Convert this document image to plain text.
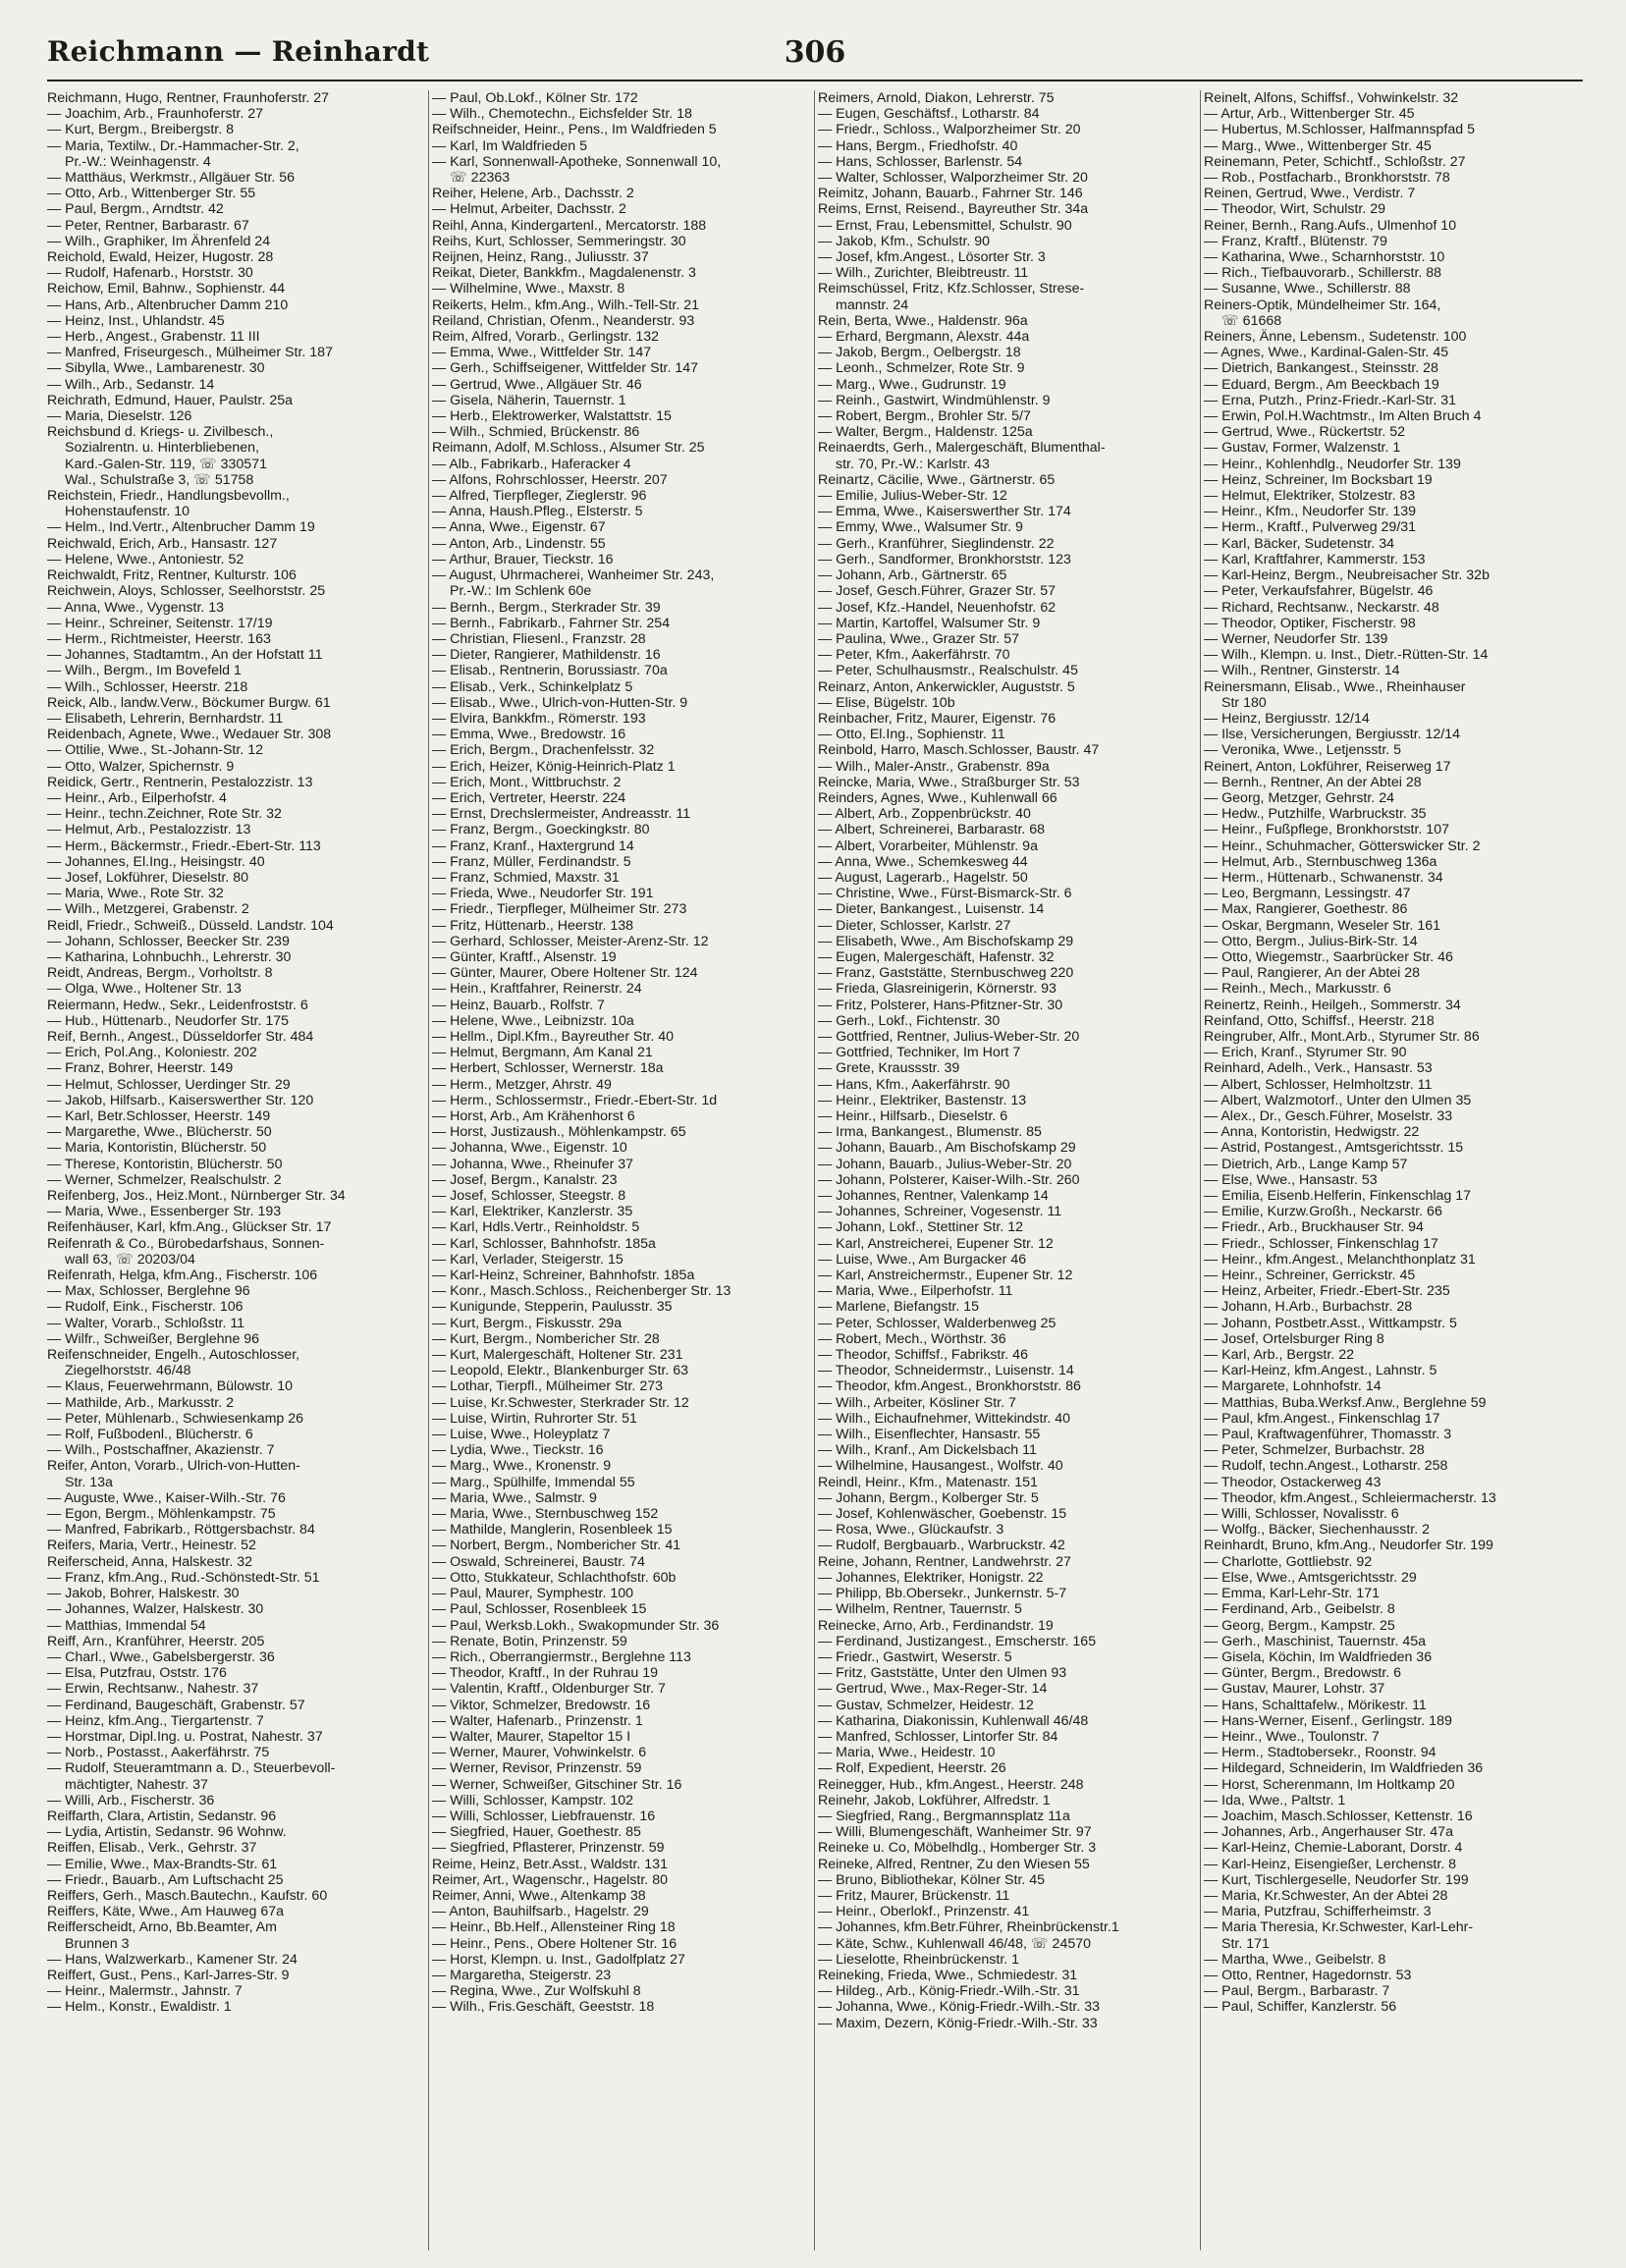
Reichmann — Reinhardt	306
Reichmann, Hugo, Rentner, Fraunhoferstr. 27
— Joachim, Arb., Fraunhoferstr. 27
— Kurt, Bergm., Breibergstr. 8
— Maria, Textilw., Dr.-Hammacher-Str. 2,
Pr.-W.: Weinhagenstr. 4
— Matthäus, Werkmstr., Allgäuer Str. 56
— Otto, Arb., Wittenberger Str. 55
— Paul, Bergm., Arndtstr. 42
— Peter, Rentner, Barbarastr. 67
— Wilh., Graphiker, Im Ährenfeld 24
Reichold, Ewald, Heizer, Hugostr. 28
— Rudolf, Hafenarb., Horststr. 30
Reichow, Emil, Bahnw., Sophienstr. 44
— Hans, Arb., Altenbrucher Damm 210
— Heinz, Inst., Uhlandstr. 45
— Herb., Angest., Grabenstr. 11 III
— Manfred, Friseurgesch., Mülheimer Str. 187
— Sibylla, Wwe., Lambarenestr. 30
— Wilh., Arb., Sedanstr. 14
Reichrath, Edmund, Hauer, Paulstr. 25a
— Maria, Dieselstr. 126
Reichsbund d. Kriegs- u. Zivilbesch.,
Sozialrentn. u. Hinterbliebenen,
Kard.-Galen-Str. 119, ☏ 330571
Wal., Schulstraße 3, ☏ 51758
Reichstein, Friedr., Handlungsbevollm.,
Hohenstaufenstr. 10
— Helm., Ind.Vertr., Altenbrucher Damm 19
Reichwald, Erich, Arb., Hansastr. 127
— Helene, Wwe., Antoniestr. 52
Reichwaldt, Fritz, Rentner, Kulturstr. 106
Reichwein, Aloys, Schlosser, Seelhorststr. 25
— Anna, Wwe., Vygenstr. 13
— Heinr., Schreiner, Seitenstr. 17/19
— Herm., Richtmeister, Heerstr. 163
— Johannes, Stadtamtm., An der Hofstatt 11
— Wilh., Bergm., Im Bovefeld 1
— Wilh., Schlosser, Heerstr. 218
Reick, Alb., landw.Verw., Böckumer Burgw. 61
— Elisabeth, Lehrerin, Bernhardstr. 11
Reidenbach, Agnete, Wwe., Wedauer Str. 308
— Ottilie, Wwe., St.-Johann-Str. 12
— Otto, Walzer, Spichernstr. 9
Reidick, Gertr., Rentnerin, Pestalozzistr. 13
— Heinr., Arb., Eilperhofstr. 4
— Heinr., techn.Zeichner, Rote Str. 32
— Helmut, Arb., Pestalozzistr. 13
— Herm., Bäckermstr., Friedr.-Ebert-Str. 113
— Johannes, El.Ing., Heisingstr. 40
— Josef, Lokführer, Dieselstr. 80
— Maria, Wwe., Rote Str. 32
— Wilh., Metzgerei, Grabenstr. 2
Reidl, Friedr., Schweiß., Düsseld. Landstr. 104
— Johann, Schlosser, Beecker Str. 239
— Katharina, Lohnbuchh., Lehrerstr. 30
Reidt, Andreas, Bergm., Vorholtstr. 8
— Olga, Wwe., Holtener Str. 13
Reiermann, Hedw., Sekr., Leidenfroststr. 6
— Hub., Hüttenarb., Neudorfer Str. 175
Reif, Bernh., Angest., Düsseldorfer Str. 484
— Erich, Pol.Ang., Koloniestr. 202
— Franz, Bohrer, Heerstr. 149
— Helmut, Schlosser, Uerdinger Str. 29
— Jakob, Hilfsarb., Kaiserswerther Str. 120
— Karl, Betr.Schlosser, Heerstr. 149
— Margarethe, Wwe., Blücherstr. 50
— Maria, Kontoristin, Blücherstr. 50
— Therese, Kontoristin, Blücherstr. 50
— Werner, Schmelzer, Realschulstr. 2
Reifenberg, Jos., Heiz.Mont., Nürnberger Str. 34
— Maria, Wwe., Essenberger Str. 193
Reifenhäuser, Karl, kfm.Ang., Glückser Str. 17
Reifenrath & Co., Bürobedarfshaus, Sonnen-
wall 63, ☏ 20203/04
Reifenrath, Helga, kfm.Ang., Fischerstr. 106
— Max, Schlosser, Berglehne 96
— Rudolf, Eink., Fischerstr. 106
— Walter, Vorarb., Schloßstr. 11
— Wilfr., Schweißer, Berglehne 96
Reifenschneider, Engelh., Autoschlosser,
Ziegelhorststr. 46/48
— Klaus, Feuerwehrmann, Bülowstr. 10
— Mathilde, Arb., Markusstr. 2
— Peter, Mühlenarb., Schwiesenkamp 26
— Rolf, Fußbodenl., Blücherstr. 6
— Wilh., Postschaffner, Akazienstr. 7
Reifer, Anton, Vorarb., Ulrich-von-Hutten-
Str. 13a
— Auguste, Wwe., Kaiser-Wilh.-Str. 76
— Egon, Bergm., Möhlenkampstr. 75
— Manfred, Fabrikarb., Röttgersbachstr. 84
Reifers, Maria, Vertr., Heinestr. 52
Reiferscheid, Anna, Halskestr. 32
— Franz, kfm.Ang., Rud.-Schönstedt-Str. 51
— Jakob, Bohrer, Halskestr. 30
— Johannes, Walzer, Halskestr. 30
— Matthias, Immendal 54
Reiff, Arn., Kranführer, Heerstr. 205
— Charl., Wwe., Gabelsbergerstr. 36
— Elsa, Putzfrau, Oststr. 176
— Erwin, Rechtsanw., Nahestr. 37
— Ferdinand, Baugeschäft, Grabenstr. 57
— Heinz, kfm.Ang., Tiergartenstr. 7
— Horstmar, Dipl.Ing. u. Postrat, Nahestr. 37
— Norb., Postasst., Aakerfährstr. 75
— Rudolf, Steueramtmann a. D., Steuerbevoll-
mächtigter, Nahestr. 37
— Willi, Arb., Fischerstr. 36
Reiffarth, Clara, Artistin, Sedanstr. 96
— Lydia, Artistin, Sedanstr. 96 Wohnw.
Reiffen, Elisab., Verk., Gehrstr. 37
— Emilie, Wwe., Max-Brandts-Str. 61
— Friedr., Bauarb., Am Luftschacht 25
Reiffers, Gerh., Masch.Bautechn., Kaufstr. 60
Reiffers, Käte, Wwe., Am Hauweg 67a
Reifferscheidt, Arno, Bb.Beamter, Am
Brunnen 3
— Hans, Walzwerkarb., Kamener Str. 24
Reiffert, Gust., Pens., Karl-Jarres-Str. 9
— Heinr., Malermstr., Jahnstr. 7
— Helm., Konstr., Ewaldistr. 1
— Paul, Ob.Lokf., Kölner Str. 172
— Wilh., Chemotechn., Eichsfelder Str. 18
Reifschneider, Heinr., Pens., Im Waldfrieden 5
— Karl, Im Waldfrieden 5
— Karl, Sonnenwall-Apotheke, Sonnenwall 10,
☏ 22363
Reiher, Helene, Arb., Dachsstr. 2
— Helmut, Arbeiter, Dachsstr. 2
Reihl, Anna, Kindergartenl., Mercatorstr. 188
Reihs, Kurt, Schlosser, Semmeringstr. 30
Reijnen, Heinz, Rang., Juliusstr. 37
Reikat, Dieter, Bankkfm., Magdalenenstr. 3
— Wilhelmine, Wwe., Maxstr. 8
Reikerts, Helm., kfm.Ang., Wilh.-Tell-Str. 21
Reiland, Christian, Ofenm., Neanderstr. 93
Reim, Alfred, Vorarb., Gerlingstr. 132
— Emma, Wwe., Wittfelder Str. 147
— Gerh., Schiffseigener, Wittfelder Str. 147
— Gertrud, Wwe., Allgäuer Str. 46
— Gisela, Näherin, Tauernstr. 1
— Herb., Elektrowerker, Walstattstr. 15
— Wilh., Schmied, Brückenstr. 86
Reimann, Adolf, M.Schloss., Alsumer Str. 25
— Alb., Fabrikarb., Haferacker 4
— Alfons, Rohrschlosser, Heerstr. 207
— Alfred, Tierpfleger, Zieglerstr. 96
— Anna, Haush.Pfleg., Elsterstr. 5
— Anna, Wwe., Eigenstr. 67
— Anton, Arb., Lindenstr. 55
— Arthur, Brauer, Tieckstr. 16
— August, Uhrmacherei, Wanheimer Str. 243,
Pr.-W.: Im Schlenk 60e
— Bernh., Bergm., Sterkrader Str. 39
— Bernh., Fabrikarb., Fahrner Str. 254
— Christian, Fliesenl., Franzstr. 28
— Dieter, Rangierer, Mathildenstr. 16
— Elisab., Rentnerin, Borussiastr. 70a
— Elisab., Verk., Schinkelplatz 5
— Elisab., Wwe., Ulrich-von-Hutten-Str. 9
— Elvira, Bankkfm., Römerstr. 193
— Emma, Wwe., Bredowstr. 16
— Erich, Bergm., Drachenfelsstr. 32
— Erich, Heizer, König-Heinrich-Platz 1
— Erich, Mont., Wittbruchstr. 2
— Erich, Vertreter, Heerstr. 224
— Ernst, Drechslermeister, Andreasstr. 11
— Franz, Bergm., Goeckingkstr. 80
— Franz, Kranf., Haxtergrund 14
— Franz, Müller, Ferdinandstr. 5
— Franz, Schmied, Maxstr. 31
— Frieda, Wwe., Neudorfer Str. 191
— Friedr., Tierpfleger, Mülheimer Str. 273
— Fritz, Hüttenarb., Heerstr. 138
— Gerhard, Schlosser, Meister-Arenz-Str. 12
— Günter, Kraftf., Alsenstr. 19
— Günter, Maurer, Obere Holtener Str. 124
— Hein., Kraftfahrer, Reinerstr. 24
— Heinz, Bauarb., Rolfstr. 7
— Helene, Wwe., Leibnizstr. 10a
— Hellm., Dipl.Kfm., Bayreuther Str. 40
— Helmut, Bergmann, Am Kanal 21
— Herbert, Schlosser, Wernerstr. 18a
— Herm., Metzger, Ahrstr. 49
— Herm., Schlossermstr., Friedr.-Ebert-Str. 1d
— Horst, Arb., Am Krähenhorst 6
— Horst, Justizaush., Möhlenkampstr. 65
— Johanna, Wwe., Eigenstr. 10
— Johanna, Wwe., Rheinufer 37
— Josef, Bergm., Kanalstr. 23
— Josef, Schlosser, Steegstr. 8
— Karl, Elektriker, Kanzlerstr. 35
— Karl, Hdls.Vertr., Reinholdstr. 5
— Karl, Schlosser, Bahnhofstr. 185a
— Karl, Verlader, Steigerstr. 15
— Karl-Heinz, Schreiner, Bahnhofstr. 185a
— Konr., Masch.Schloss., Reichenberger Str. 13
— Kunigunde, Stepperin, Paulusstr. 35
— Kurt, Bergm., Fiskusstr. 29a
— Kurt, Bergm., Nombericher Str. 28
— Kurt, Malergeschäft, Holtener Str. 231
— Leopold, Elektr., Blankenburger Str. 63
— Lothar, Tierpfl., Mülheimer Str. 273
— Luise, Kr.Schwester, Sterkrader Str. 12
— Luise, Wirtin, Ruhrorter Str. 51
— Luise, Wwe., Holeyplatz 7
— Lydia, Wwe., Tieckstr. 16
— Marg., Wwe., Kronenstr. 9
— Marg., Spülhilfe, Immendal 55
— Maria, Wwe., Salmstr. 9
— Maria, Wwe., Sternbuschweg 152
— Mathilde, Manglerin, Rosenbleek 15
— Norbert, Bergm., Nombericher Str. 41
— Oswald, Schreinerei, Baustr. 74
— Otto, Stukkateur, Schlachthofstr. 60b
— Paul, Maurer, Symphestr. 100
— Paul, Schlosser, Rosenbleek 15
— Paul, Werksb.Lokh., Swakopmunder Str. 36
— Renate, Botin, Prinzenstr. 59
— Rich., Oberrangiermstr., Berglehne 113
— Theodor, Kraftf., In der Ruhrau 19
— Valentin, Kraftf., Oldenburger Str. 7
— Viktor, Schmelzer, Bredowstr. 16
— Walter, Hafenarb., Prinzenstr. 1
— Walter, Maurer, Stapeltor 15 I
— Werner, Maurer, Vohwinkelstr. 6
— Werner, Revisor, Prinzenstr. 59
— Werner, Schweißer, Gitschiner Str. 16
— Willi, Schlosser, Kampstr. 102
— Willi, Schlosser, Liebfrauenstr. 16
— Siegfried, Hauer, Goethestr. 85
— Siegfried, Pflasterer, Prinzenstr. 59
Reime, Heinz, Betr.Asst., Waldstr. 131
Reimer, Art., Wagenschr., Hagelstr. 80
Reimer, Anni, Wwe., Altenkamp 38
— Anton, Bauhilfsarb., Hagelstr. 29
— Heinr., Bb.Helf., Allensteiner Ring 18
— Heinr., Pens., Obere Holtener Str. 16
— Horst, Klempn. u. Inst., Gadolfplatz 27
— Margaretha, Steigerstr. 23
— Regina, Wwe., Zur Wolfskuhl 8
— Wilh., Fris.Geschäft, Geeststr. 18
Reimers, Arnold, Diakon, Lehrerstr. 75
— Eugen, Geschäftsf., Lotharstr. 84
— Friedr., Schloss., Walporzheimer Str. 20
— Hans, Bergm., Friedhofstr. 40
— Hans, Schlosser, Barlenstr. 54
— Walter, Schlosser, Walporzheimer Str. 20
Reimitz, Johann, Bauarb., Fahrner Str. 146
Reims, Ernst, Reisend., Bayreuther Str. 34a
— Ernst, Frau, Lebensmittel, Schulstr. 90
— Jakob, Kfm., Schulstr. 90
— Josef, kfm.Angest., Lösorter Str. 3
— Wilh., Zurichter, Bleibtreustr. 11
Reimschüssel, Fritz, Kfz.Schlosser, Strese-
mannstr. 24
Rein, Berta, Wwe., Haldenstr. 96a
— Erhard, Bergmann, Alexstr. 44a
— Jakob, Bergm., Oelbergstr. 18
— Leonh., Schmelzer, Rote Str. 9
— Marg., Wwe., Gudrunstr. 19
— Reinh., Gastwirt, Windmühlenstr. 9
— Robert, Bergm., Brohler Str. 5/7
— Walter, Bergm., Haldenstr. 125a
Reinaerdts, Gerh., Malergeschäft, Blumenthal-
str. 70, Pr.-W.: Karlstr. 43
Reinartz, Cäcilie, Wwe., Gärtnerstr. 65
— Emilie, Julius-Weber-Str. 12
— Emma, Wwe., Kaiserswerther Str. 174
— Emmy, Wwe., Walsumer Str. 9
— Gerh., Kranführer, Sieglindenstr. 22
— Gerh., Sandformer, Bronkhorststr. 123
— Johann, Arb., Gärtnerstr. 65
— Josef, Gesch.Führer, Grazer Str. 57
— Josef, Kfz.-Handel, Neuenhofstr. 62
— Martin, Kartoffel, Walsumer Str. 9
— Paulina, Wwe., Grazer Str. 57
— Peter, Kfm., Aakerfährstr. 70
— Peter, Schulhausmstr., Realschulstr. 45
Reinarz, Anton, Ankerwickler, Auguststr. 5
— Elise, Bügelstr. 10b
Reinbacher, Fritz, Maurer, Eigenstr. 76
— Otto, El.Ing., Sophienstr. 11
Reinbold, Harro, Masch.Schlosser, Baustr. 47
— Wilh., Maler-Anstr., Grabenstr. 89a
Reincke, Maria, Wwe., Straßburger Str. 53
Reinders, Agnes, Wwe., Kuhlenwall 66
— Albert, Arb., Zoppenbrückstr. 40
— Albert, Schreinerei, Barbarastr. 68
— Albert, Vorarbeiter, Mühlenstr. 9a
— Anna, Wwe., Schemkesweg 44
— August, Lagerarb., Hagelstr. 50
— Christine, Wwe., Fürst-Bismarck-Str. 6
— Dieter, Bankangest., Luisenstr. 14
— Dieter, Schlosser, Karlstr. 27
— Elisabeth, Wwe., Am Bischofskamp 29
— Eugen, Malergeschäft, Hafenstr. 32
— Franz, Gaststätte, Sternbuschweg 220
— Frieda, Glasreinigerin, Körnerstr. 93
— Fritz, Polsterer, Hans-Pfitzner-Str. 30
— Gerh., Lokf., Fichtenstr. 30
— Gottfried, Rentner, Julius-Weber-Str. 20
— Gottfried, Techniker, Im Hort 7
— Grete, Kraussstr. 39
— Hans, Kfm., Aakerfährstr. 90
— Heinr., Elektriker, Bastenstr. 13
— Heinr., Hilfsarb., Dieselstr. 6
— Irma, Bankangest., Blumenstr. 85
— Johann, Bauarb., Am Bischofskamp 29
— Johann, Bauarb., Julius-Weber-Str. 20
— Johann, Polsterer, Kaiser-Wilh.-Str. 260
— Johannes, Rentner, Valenkamp 14
— Johannes, Schreiner, Vogesenstr. 11
— Johann, Lokf., Stettiner Str. 12
— Karl, Anstreicherei, Eupener Str. 12
— Luise, Wwe., Am Burgacker 46
— Karl, Anstreichermstr., Eupener Str. 12
— Maria, Wwe., Eilperhofstr. 11
— Marlene, Biefangstr. 15
— Peter, Schlosser, Walderbenweg 25
— Robert, Mech., Wörthstr. 36
— Theodor, Schiffsf., Fabrikstr. 46
— Theodor, Schneidermstr., Luisenstr. 14
— Theodor, kfm.Angest., Bronkhorststr. 86
— Wilh., Arbeiter, Kösliner Str. 7
— Wilh., Eichaufnehmer, Wittekindstr. 40
— Wilh., Eisenflechter, Hansastr. 55
— Wilh., Kranf., Am Dickelsbach 11
— Wilhelmine, Hausangest., Wolfstr. 40
Reindl, Heinr., Kfm., Matenastr. 151
— Johann, Bergm., Kolberger Str. 5
— Josef, Kohlenwäscher, Goebenstr. 15
— Rosa, Wwe., Glückaufstr. 3
— Rudolf, Bergbauarb., Warbruckstr. 42
Reine, Johann, Rentner, Landwehrstr. 27
— Johannes, Elektriker, Honigstr. 22
— Philipp, Bb.Obersekr., Junkernstr. 5-7
— Wilhelm, Rentner, Tauernstr. 5
Reinecke, Arno, Arb., Ferdinandstr. 19
— Ferdinand, Justizangest., Emscherstr. 165
— Friedr., Gastwirt, Weserstr. 5
— Fritz, Gaststätte, Unter den Ulmen 93
— Gertrud, Wwe., Max-Reger-Str. 14
— Gustav, Schmelzer, Heidestr. 12
— Katharina, Diakonissin, Kuhlenwall 46/48
— Manfred, Schlosser, Lintorfer Str. 84
— Maria, Wwe., Heidestr. 10
— Rolf, Expedient, Heerstr. 26
Reinegger, Hub., kfm.Angest., Heerstr. 248
Reinehr, Jakob, Lokführer, Alfredstr. 1
— Siegfried, Rang., Bergmannsplatz 11a
— Willi, Blumengeschäft, Wanheimer Str. 97
Reineke u. Co, Möbelhdlg., Homberger Str. 3
Reineke, Alfred, Rentner, Zu den Wiesen 55
— Bruno, Bibliothekar, Kölner Str. 45
— Fritz, Maurer, Brückenstr. 11
— Heinr., Oberlokf., Prinzenstr. 41
— Johannes, kfm.Betr.Führer, Rheinbrückenstr.1
— Käte, Schw., Kuhlenwall 46/48, ☏ 24570
— Lieselotte, Rheinbrückenstr. 1
Reineking, Frieda, Wwe., Schmiedestr. 31
— Hildeg., Arb., König-Friedr.-Wilh.-Str. 31
— Johanna, Wwe., König-Friedr.-Wilh.-Str. 33
— Maxim, Dezern, König-Friedr.-Wilh.-Str. 33
Reinelt, Alfons, Schiffsf., Vohwinkelstr. 32
— Artur, Arb., Wittenberger Str. 45
— Hubertus, M.Schlosser, Halfmannspfad 5
— Marg., Wwe., Wittenberger Str. 45
Reinemann, Peter, Schichtf., Schloßstr. 27
— Rob., Postfacharb., Bronkhorststr. 78
Reinen, Gertrud, Wwe., Verdistr. 7
— Theodor, Wirt, Schulstr. 29
Reiner, Bernh., Rang.Aufs., Ulmenhof 10
— Franz, Kraftf., Blütenstr. 79
— Katharina, Wwe., Scharnhorststr. 10
— Rich., Tiefbauvorarb., Schillerstr. 88
— Susanne, Wwe., Schillerstr. 88
Reiners-Optik, Mündelheimer Str. 164,
☏ 61668
Reiners, Änne, Lebensm., Sudetenstr. 100
— Agnes, Wwe., Kardinal-Galen-Str. 45
— Dietrich, Bankangest., Steinsstr. 28
— Eduard, Bergm., Am Beeckbach 19
— Erna, Putzh., Prinz-Friedr.-Karl-Str. 31
— Erwin, Pol.H.Wachtmstr., Im Alten Bruch 4
— Gertrud, Wwe., Rückertstr. 52
— Gustav, Former, Walzenstr. 1
— Heinr., Kohlenhdlg., Neudorfer Str. 139
— Heinz, Schreiner, Im Bocksbart 19
— Helmut, Elektriker, Stolzestr. 83
— Heinr., Kfm., Neudorfer Str. 139
— Herm., Kraftf., Pulverweg 29/31
— Karl, Bäcker, Sudetenstr. 34
— Karl, Kraftfahrer, Kammerstr. 153
— Karl-Heinz, Bergm., Neubreisacher Str. 32b
— Peter, Verkaufsfahrer, Bügelstr. 46
— Richard, Rechtsanw., Neckarstr. 48
— Theodor, Optiker, Fischerstr. 98
— Werner, Neudorfer Str. 139
— Wilh., Klempn. u. Inst., Dietr.-Rütten-Str. 14
— Wilh., Rentner, Ginsterstr. 14
Reinersmann, Elisab., Wwe., Rheinhauser
Str 180
— Heinz, Bergiusstr. 12/14
— Ilse, Versicherungen, Bergiusstr. 12/14
— Veronika, Wwe., Letjensstr. 5
Reinert, Anton, Lokführer, Reiserweg 17
— Bernh., Rentner, An der Abtei 28
— Georg, Metzger, Gehrstr. 24
— Hedw., Putzhilfe, Warbruckstr. 35
— Heinr., Fußpflege, Bronkhorststr. 107
— Heinr., Schuhmacher, Götterswicker Str. 2
— Helmut, Arb., Sternbuschweg 136a
— Herm., Hüttenarb., Schwanenstr. 34
— Leo, Bergmann, Lessingstr. 47
— Max, Rangierer, Goethestr. 86
— Oskar, Bergmann, Weseler Str. 161
— Otto, Bergm., Julius-Birk-Str. 14
— Otto, Wiegemstr., Saarbrücker Str. 46
— Paul, Rangierer, An der Abtei 28
— Reinh., Mech., Markusstr. 6
Reinertz, Reinh., Heilgeh., Sommerstr. 34
Reinfand, Otto, Schiffsf., Heerstr. 218
Reingruber, Alfr., Mont.Arb., Styrumer Str. 86
— Erich, Kranf., Styrumer Str. 90
Reinhard, Adelh., Verk., Hansastr. 53
— Albert, Schlosser, Helmholtzstr. 11
— Albert, Walzmotorf., Unter den Ulmen 35
— Alex., Dr., Gesch.Führer, Moselstr. 33
— Anna, Kontoristin, Hedwigstr. 22
— Astrid, Postangest., Amtsgerichtsstr. 15
— Dietrich, Arb., Lange Kamp 57
— Else, Wwe., Hansastr. 53
— Emilia, Eisenb.Helferin, Finkenschlag 17
— Emilie, Kurzw.Großh., Neckarstr. 66
— Friedr., Arb., Bruckhauser Str. 94
— Friedr., Schlosser, Finkenschlag 17
— Heinr., kfm.Angest., Melanchthonplatz 31
— Heinr., Schreiner, Gerrickstr. 45
— Heinz, Arbeiter, Friedr.-Ebert-Str. 235
— Johann, H.Arb., Burbachstr. 28
— Johann, Postbetr.Asst., Wittkampstr. 5
— Josef, Ortelsburger Ring 8
— Karl, Arb., Bergstr. 22
— Karl-Heinz, kfm.Angest., Lahnstr. 5
— Margarete, Lohnhofstr. 14
— Matthias, Bubа.Werksf.Anw., Berglehne 59
— Paul, kfm.Angest., Finkenschlag 17
— Paul, Kraftwagenführer, Thomasstr. 3
— Peter, Schmelzer, Burbachstr. 28
— Rudolf, techn.Angest., Lotharstr. 258
— Theodor, Ostackerweg 43
— Theodor, kfm.Angest., Schleiermacherstr. 13
— Willi, Schlosser, Novalisstr. 6
— Wolfg., Bäcker, Siechenhausstr. 2
Reinhardt, Bruno, kfm.Ang., Neudorfer Str. 199
— Charlotte, Gottliebstr. 92
— Else, Wwe., Amtsgerichtsstr. 29
— Emma, Karl-Lehr-Str. 171
— Ferdinand, Arb., Geibelstr. 8
— Georg, Bergm., Kampstr. 25
— Gerh., Maschinist, Tauernstr. 45a
— Gisela, Köchin, Im Waldfrieden 36
— Günter, Bergm., Bredowstr. 6
— Gustav, Maurer, Lohstr. 37
— Hans, Schalttafelw., Mörikestr. 11
— Hans-Werner, Eisenf., Gerlingstr. 189
— Heinr., Wwe., Toulonstr. 7
— Herm., Stadtobersekr., Roonstr. 94
— Hildegard, Schneiderin, Im Waldfrieden 36
— Horst, Scherenmann, Im Holtkamp 20
— Ida, Wwe., Paltstr. 1
— Joachim, Masch.Schlosser, Kettenstr. 16
— Johannes, Arb., Angerhauser Str. 47a
— Karl-Heinz, Chemie-Laborant, Dorstr. 4
— Karl-Heinz, Eisengießer, Lerchenstr. 8
— Kurt, Tischlergeselle, Neudorfer Str. 199
— Maria, Kr.Schwester, An der Abtei 28
— Maria, Putzfrau, Schifferheimstr. 3
— Maria Theresia, Kr.Schwester, Karl-Lehr-
Str. 171
— Martha, Wwe., Geibelstr. 8
— Otto, Rentner, Hagedornstr. 53
— Paul, Bergm., Barbarastr. 7
— Paul, Schiffer, Kanzlerstr. 56
